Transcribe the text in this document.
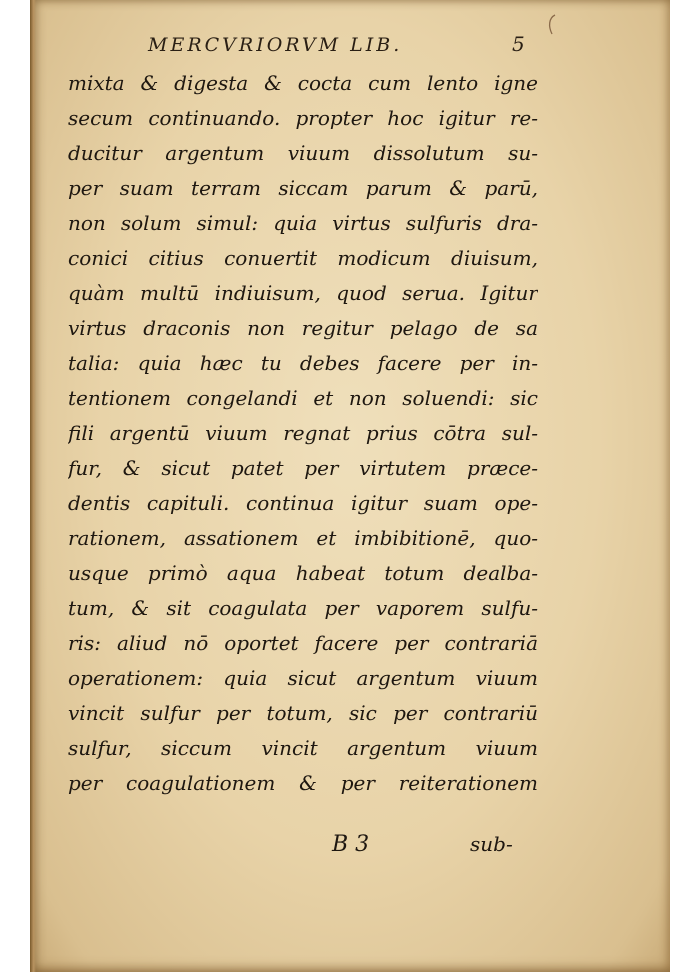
MERCVRIORVM LIB.	5
mixta & digesta & cocta cum lento igne
secum continuando. propter hoc igitur re-
ducitur argentum viuum dissolutum su-
per suam terram siccam parum & parū,
non solum simul: quia virtus sulfuris dra-
conici citius conuertit modicum diuisum,
quàm multū indiuisum, quod serua. Igitur
virtus draconis non regitur pelago de sa
talia: quia hæc tu debes facere per in-
tentionem congelandi et non soluendi: sic
fili argentū viuum regnat prius cōtra sul-
fur, & sicut patet per virtutem præce-
dentis capituli. continua igitur suam ope-
rationem, assationem et imbibitionē, quo-
usque primò aqua habeat totum dealba-
tum, & sit coagulata per vaporem sulfu-
ris: aliud nō oportet facere per contrariā
operationem: quia sicut argentum viuum
vincit sulfur per totum, sic per contrariū
sulfur, siccum vincit argentum viuum
per coagulationem & per reiterationem
B 3	sub-
